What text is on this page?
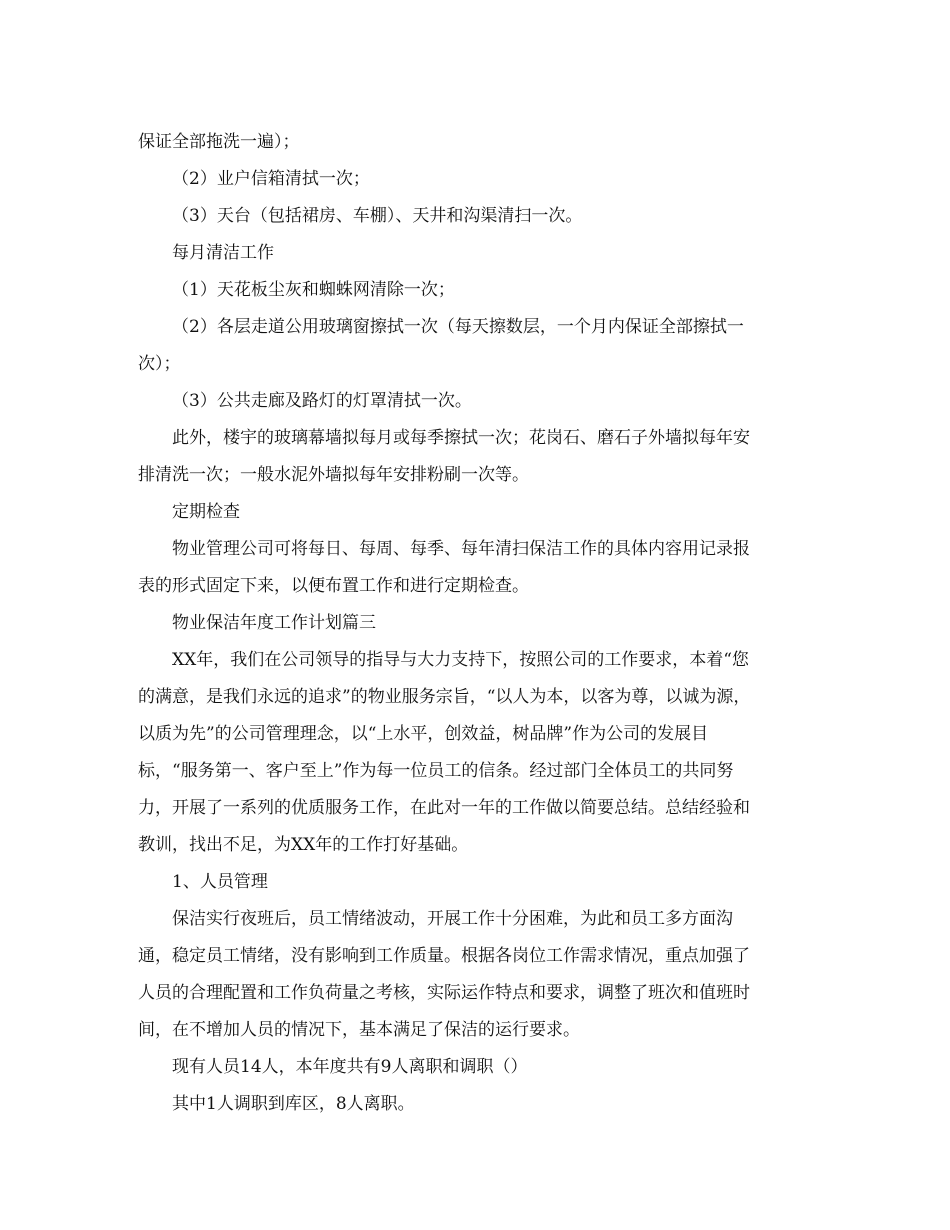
保证全部拖洗一遍）；
（2）业户信箱清拭一次；
（3）天台（包括裙房、车棚）、天井和沟渠清扫一次。
每月清洁工作
（1）天花板尘灰和蜘蛛网清除一次；
（2）各层走道公用玻璃窗擦拭一次（每天擦数层，一个月内保证全部擦拭一
次）；
（3）公共走廊及路灯的灯罩清拭一次。
此外，楼宇的玻璃幕墙拟每月或每季擦拭一次；花岗石、磨石子外墙拟每年安
排清洗一次；一般水泥外墙拟每年安排粉刷一次等。
定期检查
物业管理公司可将每日、每周、每季、每年清扫保洁工作的具体内容用记录报
表的形式固定下来，以便布置工作和进行定期检查。
物业保洁年度工作计划篇三
XX年，我们在公司领导的指导与大力支持下，按照公司的工作要求，本着“您
的满意，是我们永远的追求”的物业服务宗旨，“以人为本，以客为尊，以诚为源，
以质为先”的公司管理理念，以“上水平，创效益，树品牌”作为公司的发展目
标，“服务第一、客户至上”作为每一位员工的信条。经过部门全体员工的共同努
力，开展了一系列的优质服务工作，在此对一年的工作做以简要总结。总结经验和
教训，找出不足，为XX年的工作打好基础。
1、人员管理
保洁实行夜班后，员工情绪波动，开展工作十分困难，为此和员工多方面沟
通，稳定员工情绪，没有影响到工作质量。根据各岗位工作需求情况，重点加强了
人员的合理配置和工作负荷量之考核，实际运作特点和要求，调整了班次和值班时
间，在不增加人员的情况下，基本满足了保洁的运行要求。
现有人员14人，本年度共有9人离职和调职（）
其中1人调职到库区，8人离职。
